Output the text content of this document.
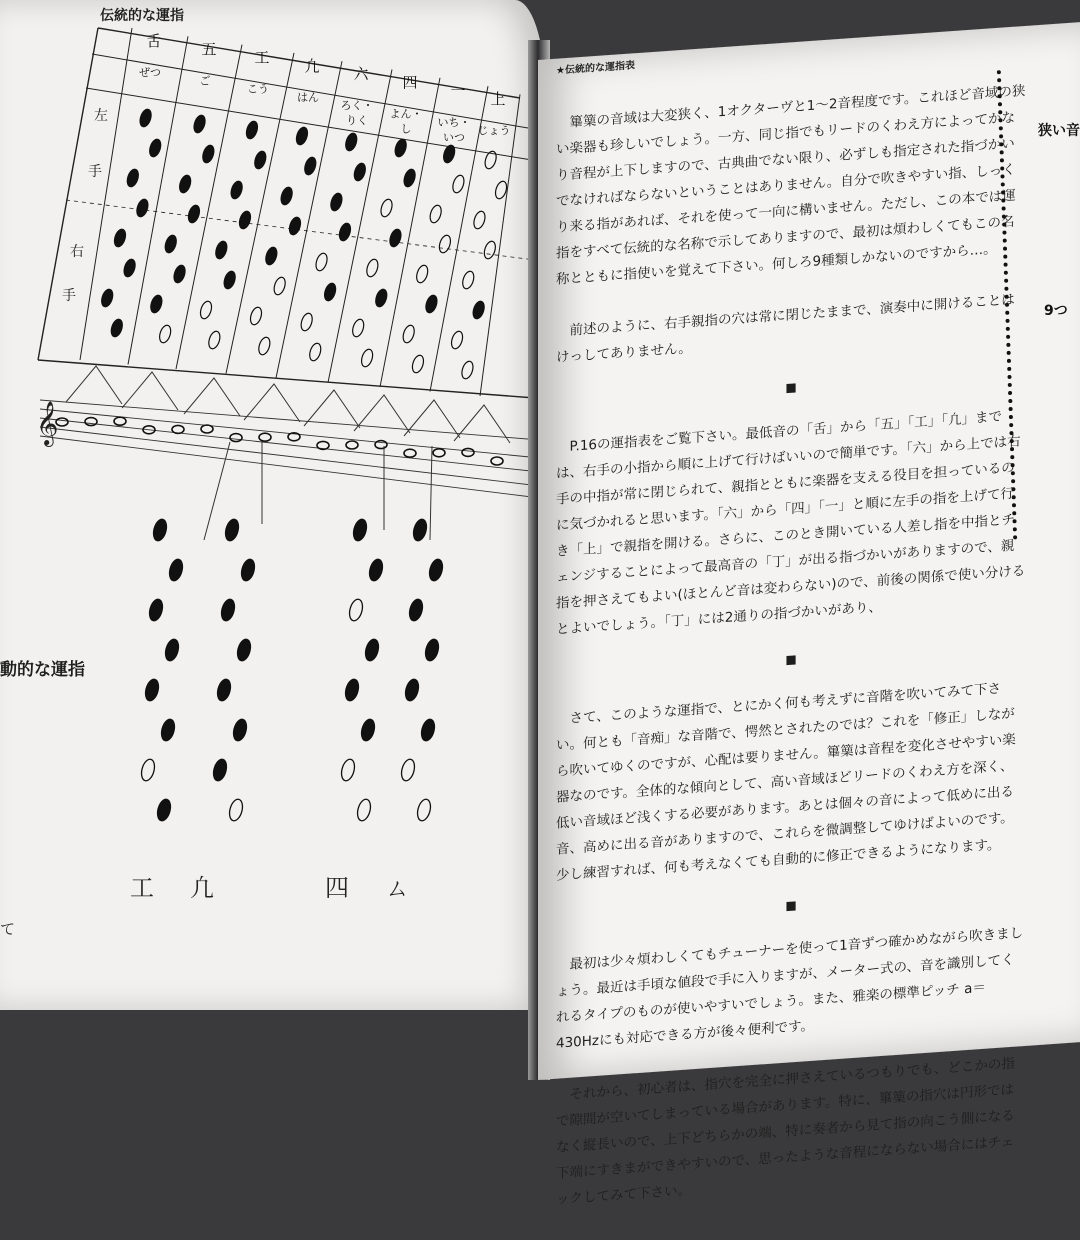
伝統的な運指
左
手
右
手
舌
ぜつ
五
ご
工
こう
凢
はん
六
ろく・
りく
四
よん・
し
一
いち・
いつ
上
じょう
𝄞
動的な運指
工 凢	四 ㄙ
て

★伝統的な運指表

篳篥の音域は大変狭く、1オクターヴと1～2音程度です。これほど音域の狭い楽器も珍しいでしょう。一方、同じ指でもリードのくわえ方によってかなり音程が上下しますので、古典曲でない限り、必ずしも指定された指づかいでなければならないということはありません。自分で吹きやすい指、しっくり来る指があれば、それを使って一向に構いません。ただし、この本では運指をすべて伝統的な名称で示してありますので、最初は煩わしくてもこの名称とともに指使いを覚えて下さい。何しろ9種類しかないのですから…。

前述のように、右手親指の穴は常に閉じたままで、演奏中に開けることはけっしてありません。

■

P.16の運指表をご覧下さい。最低音の「舌」から「五」「工」「凢」までは、右手の小指から順に上げて行けばいいので簡単です。「六」から上では右手の中指が常に閉じられて、親指とともに楽器を支える役目を担っているのに気づかれると思います。「六」から「四」「一」と順に左手の指を上げて行き「上」で親指を開ける。さらに、このとき開いている人差し指を中指とチェンジすることによって最高音の「丁」が出る指づかいがありますので、親指を押さえてもよい(ほとんど音は変わらない)ので、前後の関係で使い分けるとよいでしょう。「丁」には2通りの指づかいがあり、

■

さて、このような運指で、とにかく何も考えずに音階を吹いてみて下さい。何とも「音痴」な音階で、愕然とされたのでは？これを「修正」しながら吹いてゆくのですが、心配は要りません。篳篥は音程を変化させやすい楽器なのです。全体的な傾向として、高い音域ほどリードのくわえ方を深く、低い音域ほど浅くする必要があります。あとは個々の音によって低めに出る音、高めに出る音がありますので、これらを微調整してゆけばよいのです。少し練習すれば、何も考えなくても自動的に修正できるようになります。

■

最初は少々煩わしくてもチューナーを使って1音ずつ確かめながら吹きましょう。最近は手頃な値段で手に入りますが、メーター式の、音を識別してくれるタイプのものが使いやすいでしょう。また、雅楽の標準ピッチ a＝430Hzにも対応できる方が後々便利です。

それから、初心者は、指穴を完全に押さえているつもりでも、どこかの指で隙間が空いてしまっている場合があります。特に、篳篥の指穴は円形ではなく縦長いので、上下どちらかの端、特に奏者から見て指の向こう側になる下端にすきまができやすいので、思ったような音程にならない場合にはチェックしてみて下さい。

狭い音
9つ
